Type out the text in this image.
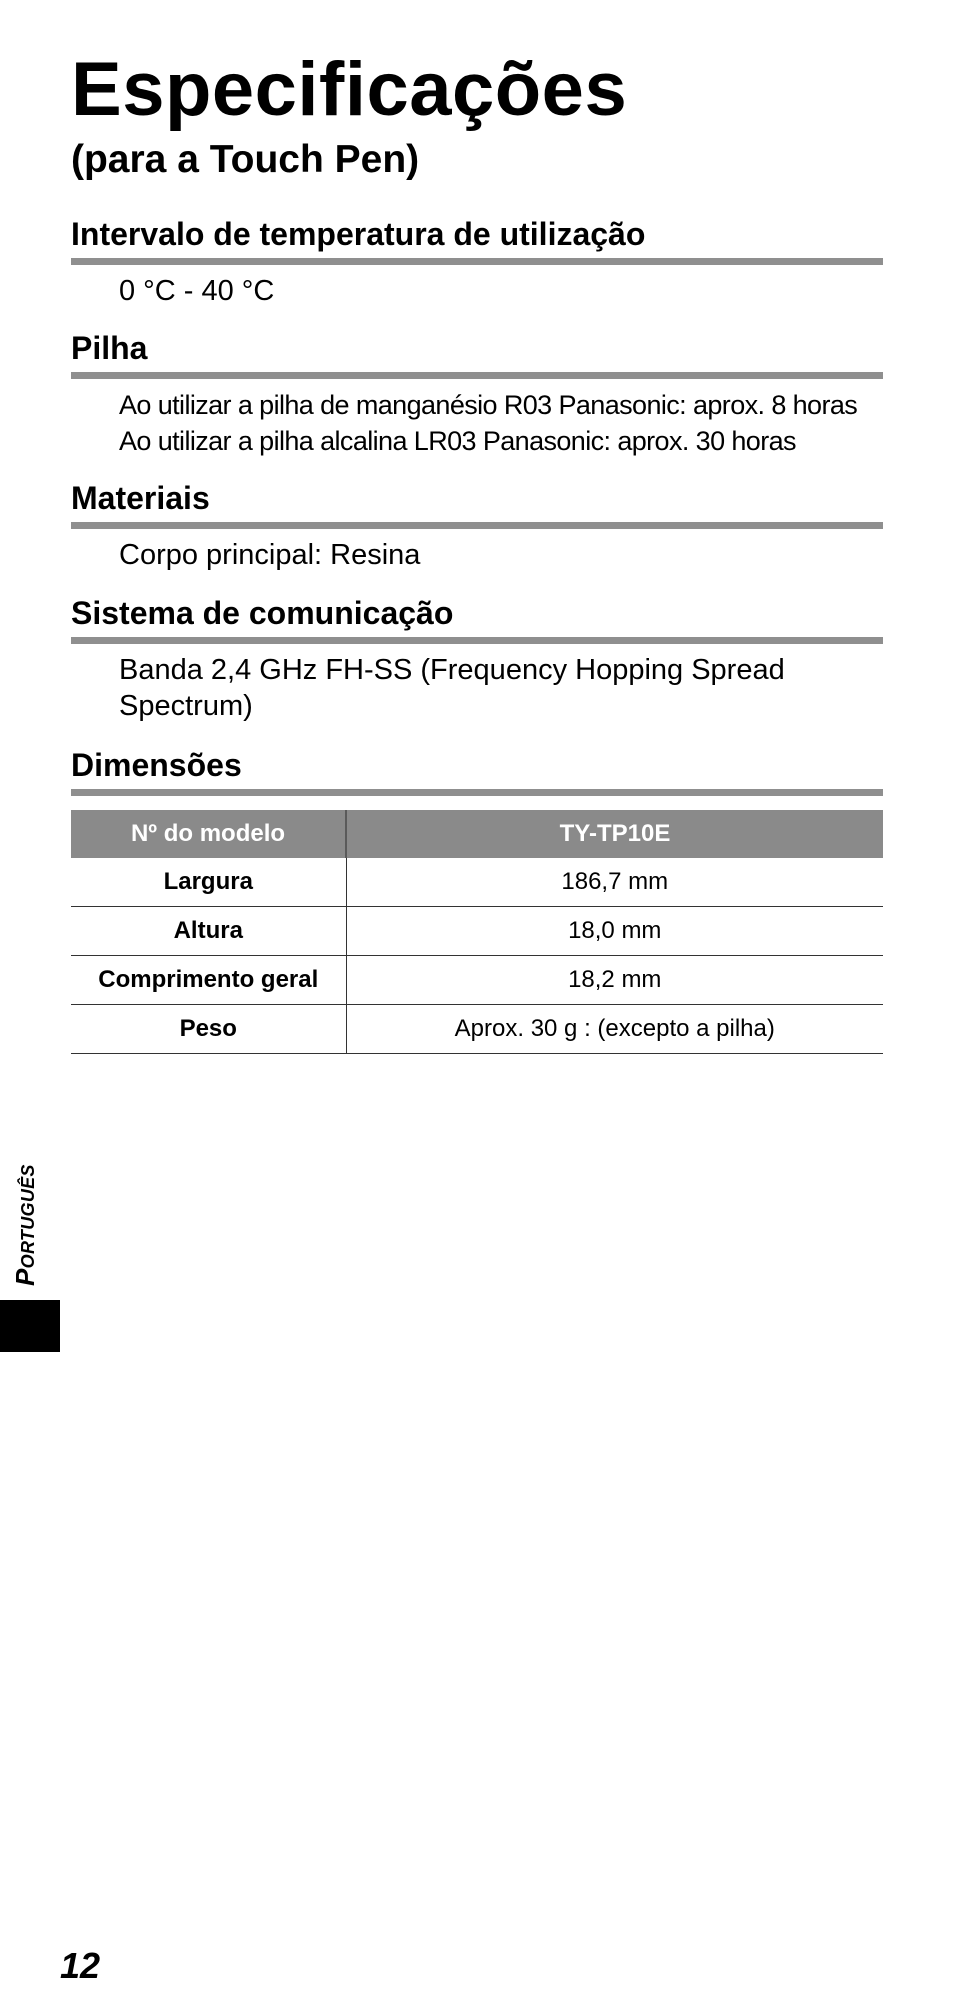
Especificações
(para a Touch Pen)
Intervalo de temperatura de utilização
0 °C - 40 °C
Pilha
Ao utilizar a pilha de manganésio R03 Panasonic: aprox. 8 horas
Ao utilizar a pilha alcalina LR03 Panasonic: aprox. 30 horas
Materiais
Corpo principal: Resina
Sistema de comunicação
Banda 2,4 GHz FH-SS (Frequency Hopping Spread
Spectrum)
Dimensões
Nº do modelo	TY-TP10E
Largura	186,7 mm
Altura	18,0 mm
Comprimento geral	18,2 mm
Peso	Aprox. 30 g : (excepto a pilha)
PORTUGUÊS
12
